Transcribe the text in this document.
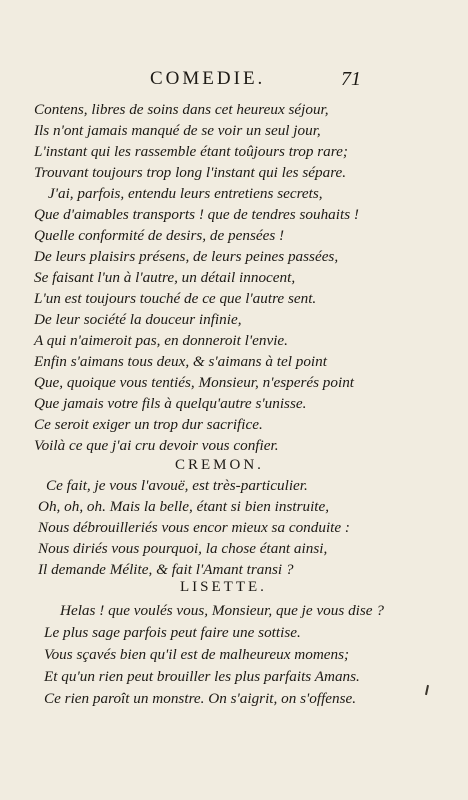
COMEDIE.	71
Contens, libres de soins dans cet heureux séjour,
Ils n'ont jamais manqué de se voir un seul jour,
L'instant qui les rassemble étant toûjours trop rare;
Trouvant toujours trop long l'instant qui les sépare.
J'ai, parfois, entendu leurs entretiens secrets,
Que d'aimables transports ! que de tendres souhaits !
Quelle conformité de desirs, de pensées !
De leurs plaisirs présens, de leurs peines passées,
Se faisant l'un à l'autre, un détail innocent,
L'un est toujours touché de ce que l'autre sent.
De leur société la douceur infinie,
A qui n'aimeroit pas, en donneroit l'envie.
Enfin s'aimans tous deux, & s'aimans à tel point
Que, quoique vous tentiés, Monsieur, n'esperés point
Que jamais votre fils à quelqu'autre s'unisse.
Ce seroit exiger un trop dur sacrifice.
Voilà ce que j'ai cru devoir vous confier.
CREMON.
Ce fait, je vous l'avouë, est très-particulier.
Oh, oh, oh. Mais la belle, étant si bien instruite,
Nous débrouilleriés vous encor mieux sa conduite :
Nous diriés vous pourquoi, la chose étant ainsi,
Il demande Mélite, & fait l'Amant transi ?
LISETTE.
Helas ! que voulés vous, Monsieur, que je vous dise ?
Le plus sage parfois peut faire une sottise.
Vous sçavés bien qu'il est de malheureux momens;
Et qu'un rien peut brouiller les plus parfaits Amans.
Ce rien paroît un monstre. On s'aigrit, on s'offense.
